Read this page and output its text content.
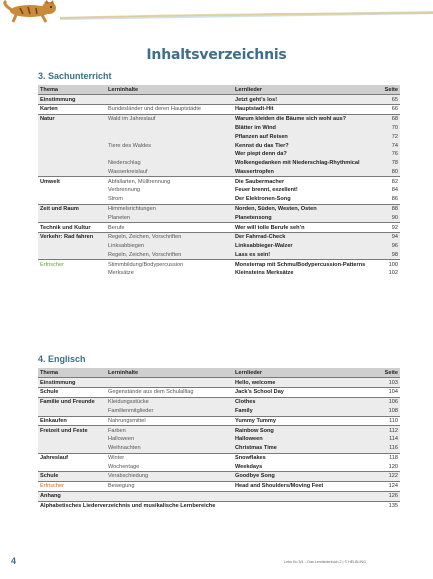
Inhaltsverzeichnis
3. Sachunterricht
Thema	Lerninhalte	Lernlieder	Seite
Einstimmung		Jetzt geht’s los!	65
Karten	Bundesländer und deren Hauptstädte	Hauptstadt-Hit	66
Natur	Wald im Jahreslauf	Warum kleiden die Bäume sich wohl aus?	68
		Blätter im Wind	70
		Pflanzen auf Reisen	72
	Tiere des Waldes	Kennst du das Tier?	74
		Wer piept denn da?	76
	Niederschlag	Wolkengedanken mit Niederschlag-Rhythmical	78
	Wasserkreislauf	Wassertropfen	80
Umwelt	Abfallarten, Mülltrennung	Die Saubermacher	82
	Verbrennung	Feuer brennt, exzellent!	84
	Strom	Der Elektronen-Song	86
Zeit und Raum	Himmelsrichtungen	Norden, Süden, Westen, Osten	88
	Planeten	Planetensong	90
Technik und Kultur	Berufe	Wer will tolle Berufe seh’n	92
Verkehr: Rad fahren	Regeln, Zeichen, Vorschriften	Der Fahrrad-Check	94
	Linksabbiegen	Linksabbieger-Walzer	96
	Regeln, Zeichen, Vorschriften	Lass es sein!	98
Erfrischer	Stimmbildung/Bodypercussion	Monsterrap mit Schmu/Bodypercussion-Patterns	100
	Merksätze	Kleinsteins Merksätze	102
4. Englisch
Thema	Lerninhalte	Lernlieder	Seite
Einstimmung		Hello, welcome	103
Schule	Gegenstände aus dem Schulalltag	Jack’s School Day	104
Familie und Freunde	Kleidungsstücke	Clothes	106
	Familienmitglieder	Family	108
Einkaufen	Nahrungsmittel	Yummy Tummy	110
Freizeit und Feste	Farben	Rainbow Song	112
	Halloween	Halloween	114
	Weihnachten	Christmas Time	116
Jahreslauf	Winter	Snowflakes	118
	Wochentage	Weekdays	120
Schule	Verabschiedung	Goodbye Song	122
Erfrischer	Bewegung	Head and Shoulders/Moving Feet	124
Anhang			126
Alphabetisches Liederverzeichnis und musikalische Lernbereiche			135
4	Lebo Ku 3/4 – Das Lernliederbuch 2 | © HELBLING
